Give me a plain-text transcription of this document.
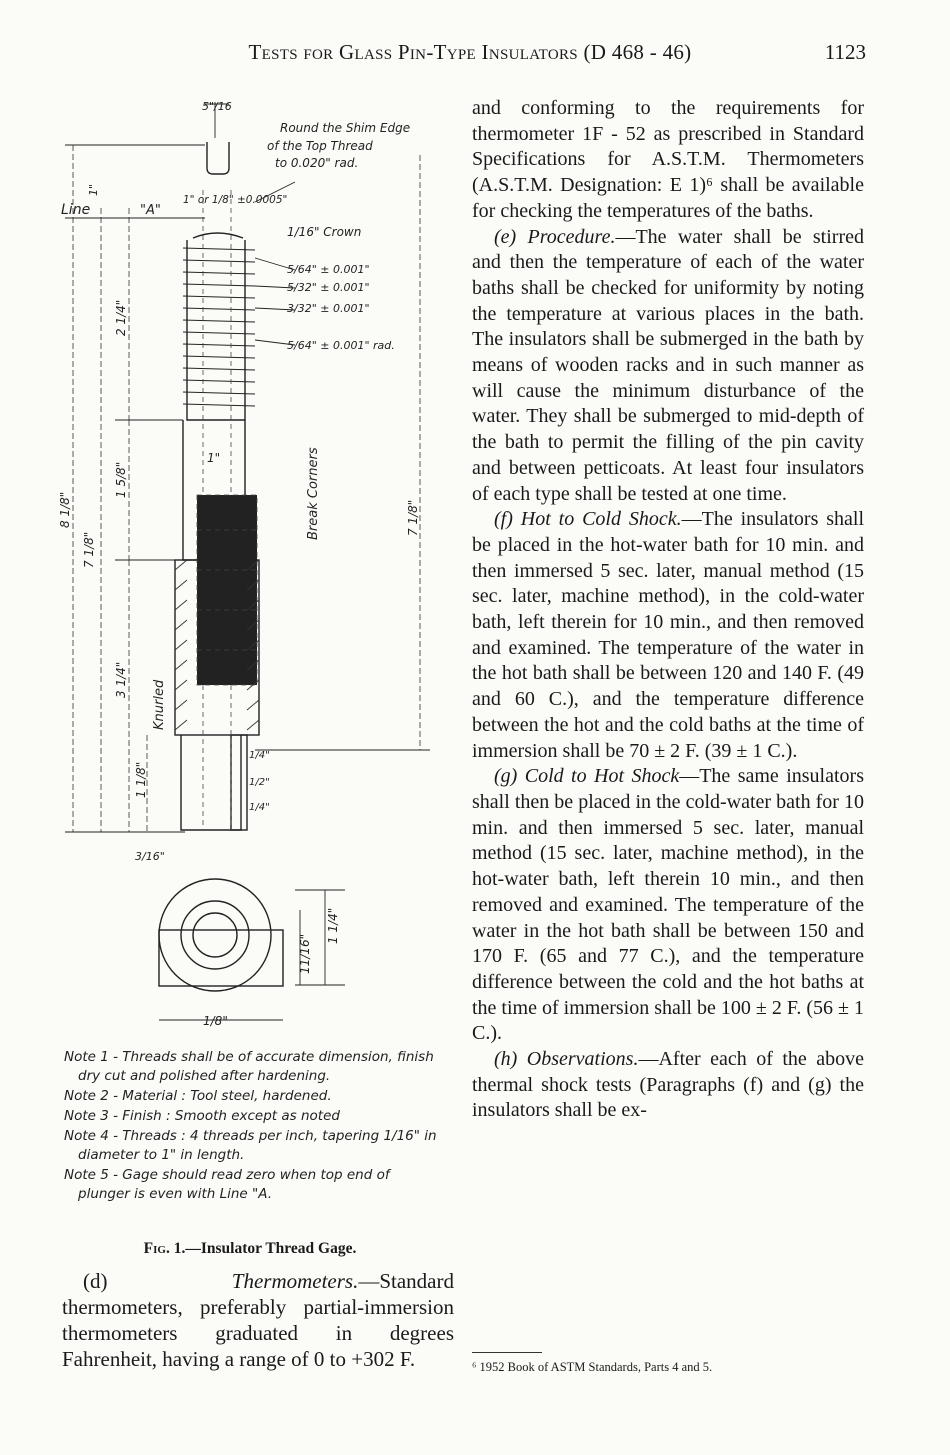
Tests for Glass Pin-Type Insulators (D 468 - 46)	1123
5"/16
Round the Shim Edge
of the Top Thread
to 0.020" rad.
1" or 1/8" ±0.0005"
Line	"A"
1/16" Crown
5/64" ± 0.001"
5/32" ± 0.001"
3/32" ± 0.001"
5/64" ± 0.001" rad.
2 1/4"
1 5/8"
1"
1"	Break Corners
8 1/8"
7 1/8"
7 1/8"
Knurled
3 1/4"
1 1/8"
1/4"
1/2"
1/4"
3/16"
1 1/4"
11/16"
1/8"
Note 1 - Threads shall be of accurate dimension, finish dry cut and polished after hardening.
Note 2 - Material : Tool steel, hardened.
Note 3 - Finish : Smooth except as noted
Note 4 - Threads : 4 threads per inch, tapering 1/16" in diameter to 1" in length.
Note 5 - Gage should read zero when top end of plunger is even with Line "A.
Fig. 1.—Insulator Thread Gage.

 (d)	Thermometers.—Standard thermometers, preferably partial-immersion thermometers graduated in degrees Fahrenheit, having a range of 0 to +302 F.

and conforming to the requirements for thermometer 1F - 52 as prescribed in Standard Specifications for A.S.T.M. Thermometers (A.S.T.M. Designation: E 1)⁶ shall be available for checking the temperatures of the baths.

(e) Procedure.—The water shall be stirred and then the temperature of each of the water baths shall be checked for uniformity by noting the temperature at various places in the bath. The insulators shall be submerged in the bath by means of wooden racks and in such manner as will cause the minimum disturbance of the water. They shall be submerged to mid-depth of the bath to permit the filling of the pin cavity and between petticoats. At least four insulators of each type shall be tested at one time.

(f) Hot to Cold Shock.—The insulators shall be placed in the hot-water bath for 10 min. and then immersed 5 sec. later, manual method (15 sec. later, machine method), in the cold-water bath, left therein for 10 min., and then removed and examined. The temperature of the water in the hot bath shall be between 120 and 140 F. (49 and 60 C.), and the temperature difference between the hot and the cold baths at the time of immersion shall be 70 ± 2 F. (39 ± 1 C.).

(g) Cold to Hot Shock—The same insulators shall then be placed in the cold-water bath for 10 min. and then immersed 5 sec. later, manual method (15 sec. later, machine method), in the hot-water bath, left therein 10 min., and then removed and examined. The temperature of the water in the hot bath shall be between 150 and 170 F. (65 and 77 C.), and the temperature difference between the cold and the hot baths at the time of immersion shall be 100 ± 2 F. (56 ± 1 C.).

(h) Observations.—After each of the above thermal shock tests (Paragraphs (f) and (g) the insulators shall be ex-

⁶ 1952 Book of ASTM Standards, Parts 4 and 5.
